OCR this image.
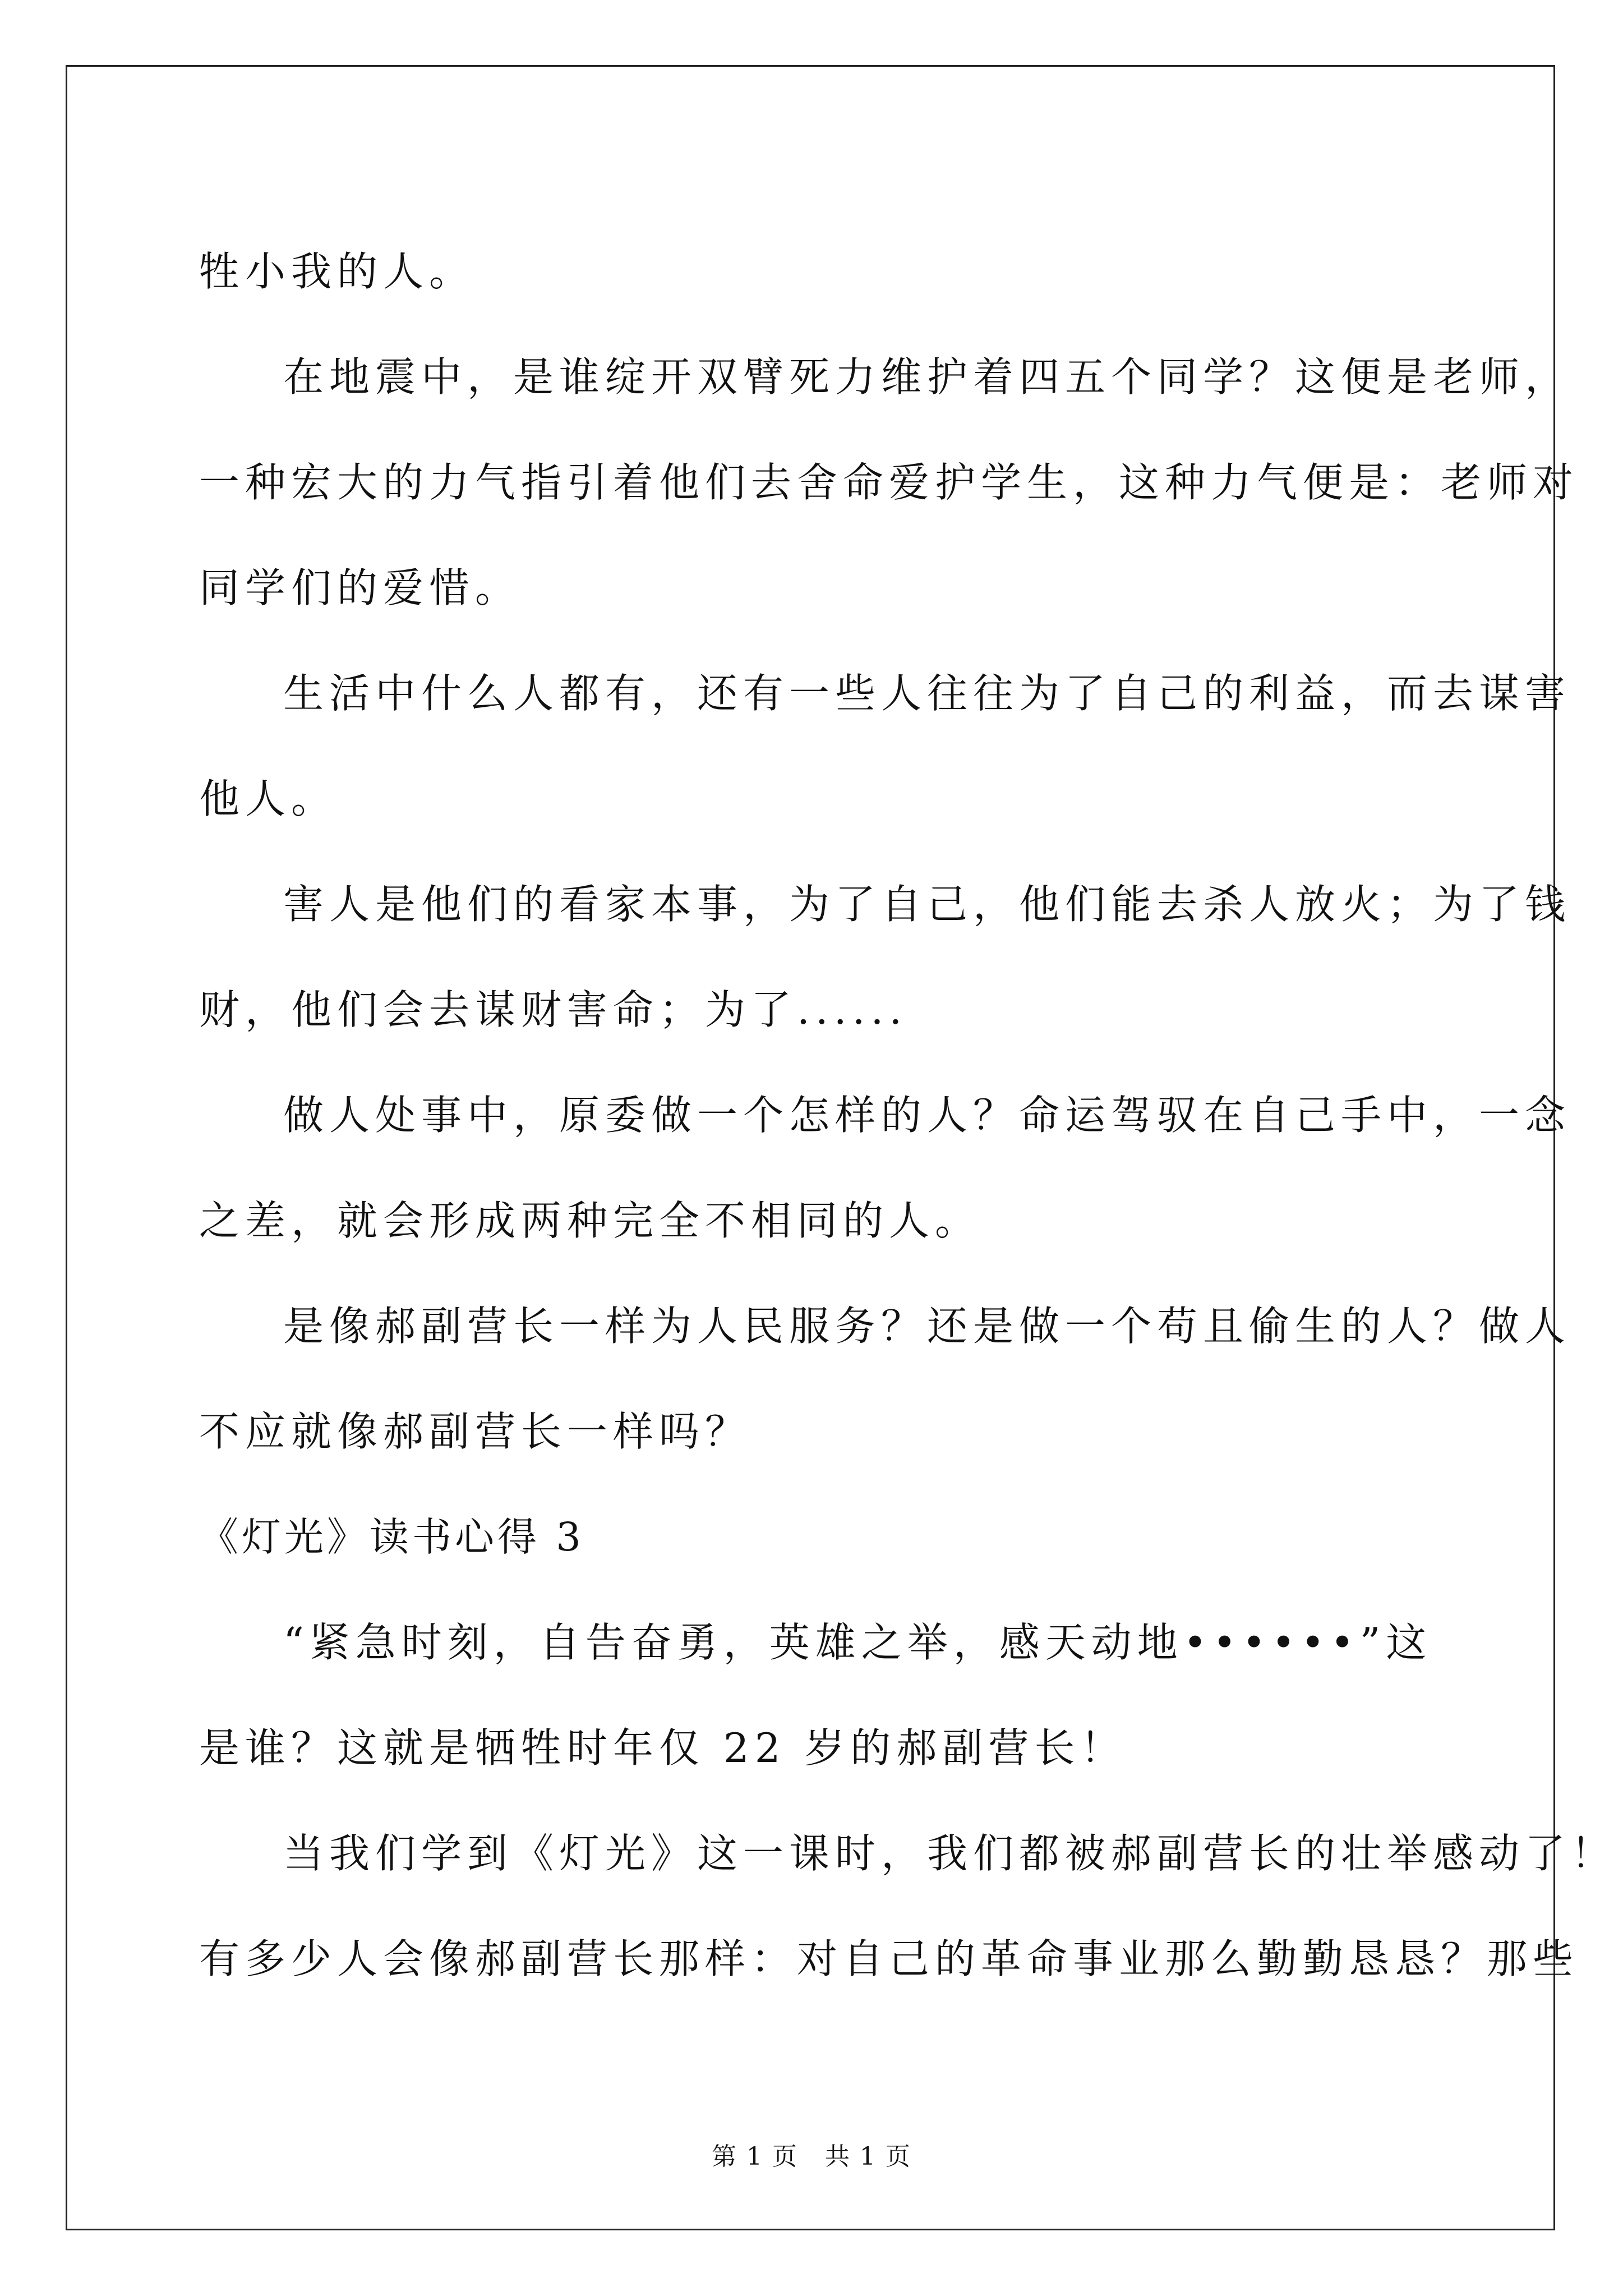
牲小我的人。
在地震中，是谁绽开双臂死力维护着四五个同学？这便是老师，
一种宏大的力气指引着他们去舍命爱护学生，这种力气便是：老师对
同学们的爱惜。
生活中什么人都有，还有一些人往往为了自己的利益，而去谋害
他人。
害人是他们的看家本事，为了自己，他们能去杀人放火；为了钱
财，他们会去谋财害命；为了......
做人处事中，原委做一个怎样的人？命运驾驭在自己手中，一念
之差，就会形成两种完全不相同的人。
是像郝副营长一样为人民服务？还是做一个苟且偷生的人？做人
不应就像郝副营长一样吗？
《灯光》读书心得 3
“紧急时刻，自告奋勇，英雄之举，感天动地••••••”这
是谁？这就是牺牲时年仅 22 岁的郝副营长！
当我们学到《灯光》这一课时，我们都被郝副营长的壮举感动了！
有多少人会像郝副营长那样：对自己的革命事业那么勤勤恳恳？那些
第 1 页   共 1 页
